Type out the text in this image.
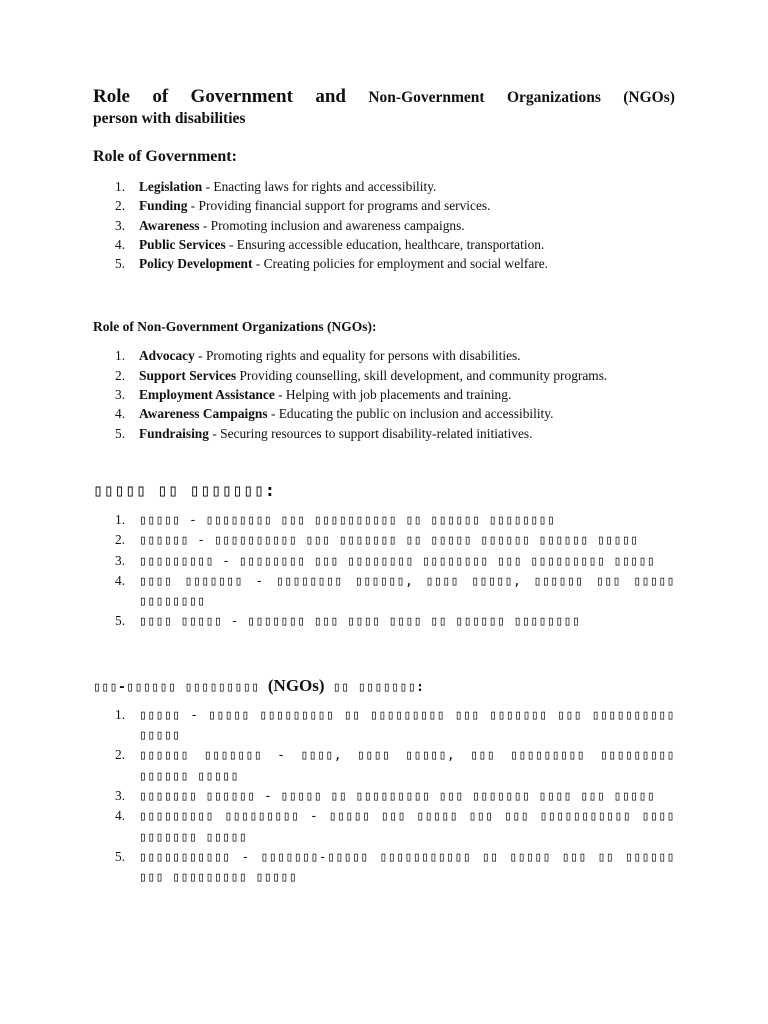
Role of Government and Non-Government Organizations (NGOs)

person with disabilities

Role of Government:
1. Legislation - Enacting laws for rights and accessibility.
2. Funding - Providing financial support for programs and services.
3. Awareness - Promoting inclusion and awareness campaigns.
4. Public Services - Ensuring accessible education, healthcare, transportation.
5. Policy Development - Creating policies for employment and social welfare.
Role of Non-Government Organizations (NGOs):
1. Advocacy - Promoting rights and equality for persons with disabilities.
2. Support Services Providing counselling, skill development, and community programs.
3. Employment Assistance - Helping with job placements and training.
4. Awareness Campaigns - Educating the public on inclusion and accessibility.
5. Fundraising - Securing resources to support disability-related initiatives.
▯▯▯▯▯ ▯▯ ▯▯▯▯▯▯▯:
1. ▯▯▯▯▯ - ▯▯▯▯▯▯▯▯ ▯▯▯ ▯▯▯▯▯▯▯▯▯▯ ▯▯ ▯▯▯▯▯▯ ▯▯▯▯▯▯▯▯
2. ▯▯▯▯▯▯ - ▯▯▯▯▯▯▯▯▯▯ ▯▯▯ ▯▯▯▯▯▯▯ ▯▯ ▯▯▯▯▯ ▯▯▯▯▯▯ ▯▯▯▯▯▯ ▯▯▯▯▯
3. ▯▯▯▯▯▯▯▯▯ - ▯▯▯▯▯▯▯▯ ▯▯▯ ▯▯▯▯▯▯▯▯ ▯▯▯▯▯▯▯▯ ▯▯▯ ▯▯▯▯▯▯▯▯▯ ▯▯▯▯▯
4. ▯▯▯▯ ▯▯▯▯▯▯▯ - ▯▯▯▯▯▯▯▯ ▯▯▯▯▯▯, ▯▯▯▯ ▯▯▯▯▯, ▯▯▯▯▯▯ ▯▯▯ ▯▯▯▯▯ ▯▯▯▯▯▯▯▯
5. ▯▯▯▯ ▯▯▯▯▯ - ▯▯▯▯▯▯▯ ▯▯▯ ▯▯▯▯ ▯▯▯▯ ▯▯ ▯▯▯▯▯▯ ▯▯▯▯▯▯▯▯
▯▯▯-▯▯▯▯▯▯ ▯▯▯▯▯▯▯▯▯ (NGOs) ▯▯ ▯▯▯▯▯▯▯:
1. ▯▯▯▯▯ - ▯▯▯▯▯ ▯▯▯▯▯▯▯▯▯ ▯▯ ▯▯▯▯▯▯▯▯▯ ▯▯▯ ▯▯▯▯▯▯▯ ▯▯▯ ▯▯▯▯▯▯▯▯▯▯ ▯▯▯▯▯
2. ▯▯▯▯▯▯ ▯▯▯▯▯▯▯ - ▯▯▯▯, ▯▯▯▯ ▯▯▯▯▯, ▯▯▯ ▯▯▯▯▯▯▯▯▯ ▯▯▯▯▯▯▯▯▯ ▯▯▯▯▯▯ ▯▯▯▯▯
3. ▯▯▯▯▯▯▯ ▯▯▯▯▯▯ - ▯▯▯▯▯ ▯▯ ▯▯▯▯▯▯▯▯▯ ▯▯▯ ▯▯▯▯▯▯▯ ▯▯▯▯ ▯▯▯ ▯▯▯▯▯
4. ▯▯▯▯▯▯▯▯▯ ▯▯▯▯▯▯▯▯▯ - ▯▯▯▯▯ ▯▯▯ ▯▯▯▯▯ ▯▯▯ ▯▯▯ ▯▯▯▯▯▯▯▯▯▯▯ ▯▯▯▯ ▯▯▯▯▯▯▯ ▯▯▯▯▯
5. ▯▯▯▯▯▯▯▯▯▯▯ - ▯▯▯▯▯▯▯-▯▯▯▯▯ ▯▯▯▯▯▯▯▯▯▯▯ ▯▯ ▯▯▯▯▯ ▯▯▯ ▯▯ ▯▯▯▯▯▯ ▯▯▯ ▯▯▯▯▯▯▯▯▯ ▯▯▯▯▯
